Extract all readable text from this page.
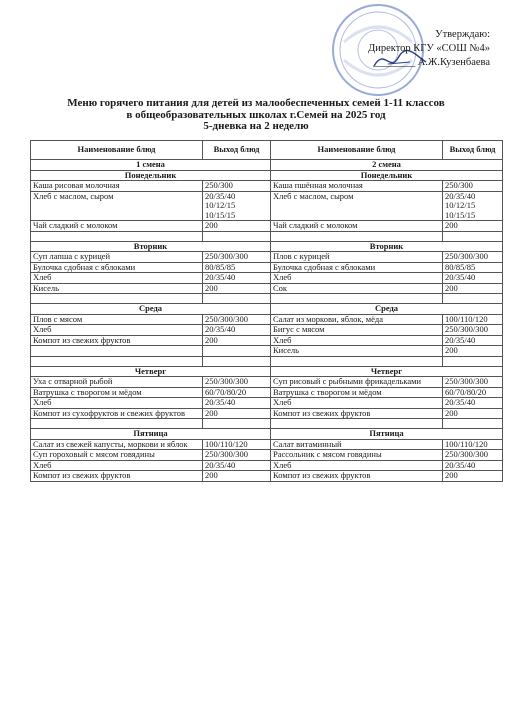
Утверждаю:
Директор КГУ «СОШ №4»
________ А.Ж.Кузенбаева
Меню горячего питания для детей из малообеспеченных семей 1-11 классов
в общеобразовательных школах г.Семей на 2025 год
5-дневка на 2 неделю
Наименование блюд	Выход блюд	Наименование блюд	Выход блюд
1 смена		2 смена	
Понедельник		Понедельник	
Каша рисовая молочная	250/300	Каша пшённая молочная	250/300
Хлеб с маслом, сыром	20/35/40
10/12/15
10/15/15	Хлеб с маслом, сыром	20/35/40
10/12/15
10/15/15
Чай сладкий с молоком	200	Чай сладкий с молоком	200

Вторник		Вторник	
Суп лапша с курицей	250/300/300	Плов с курицей	250/300/300
Булочка сдобная с яблоками	80/85/85	Булочка сдобная с яблоками	80/85/85
Хлеб	20/35/40	Хлеб	20/35/40
Кисель	200	Сок	200

Среда		Среда	
Плов с мясом	250/300/300	Салат из моркови, яблок, мёда	100/110/120
Хлеб	20/35/40	Бигус с мясом	250/300/300
Компот из свежих фруктов	200	Хлеб	20/35/40
		Кисель	200

Четверг		Четверг	
Уха с отварной рыбой	250/300/300	Суп рисовый с рыбными фрикадельками	250/300/300
Ватрушка с творогом и мёдом	60/70/80/20	Ватрушка с творогом и мёдом	60/70/80/20
Хлеб	20/35/40	Хлеб	20/35/40
Компот из сухофруктов и свежих фруктов	200	Компот из свежих фруктов	200

Пятница		Пятница	
Салат из свежей капусты, моркови и яблок	100/110/120	Салат витаминный	100/110/120
Суп гороховый с мясом говядины	250/300/300	Рассольник с мясом говядины	250/300/300
Хлеб	20/35/40	Хлеб	20/35/40
Компот из свежих фруктов	200	Компот из свежих фруктов	200
